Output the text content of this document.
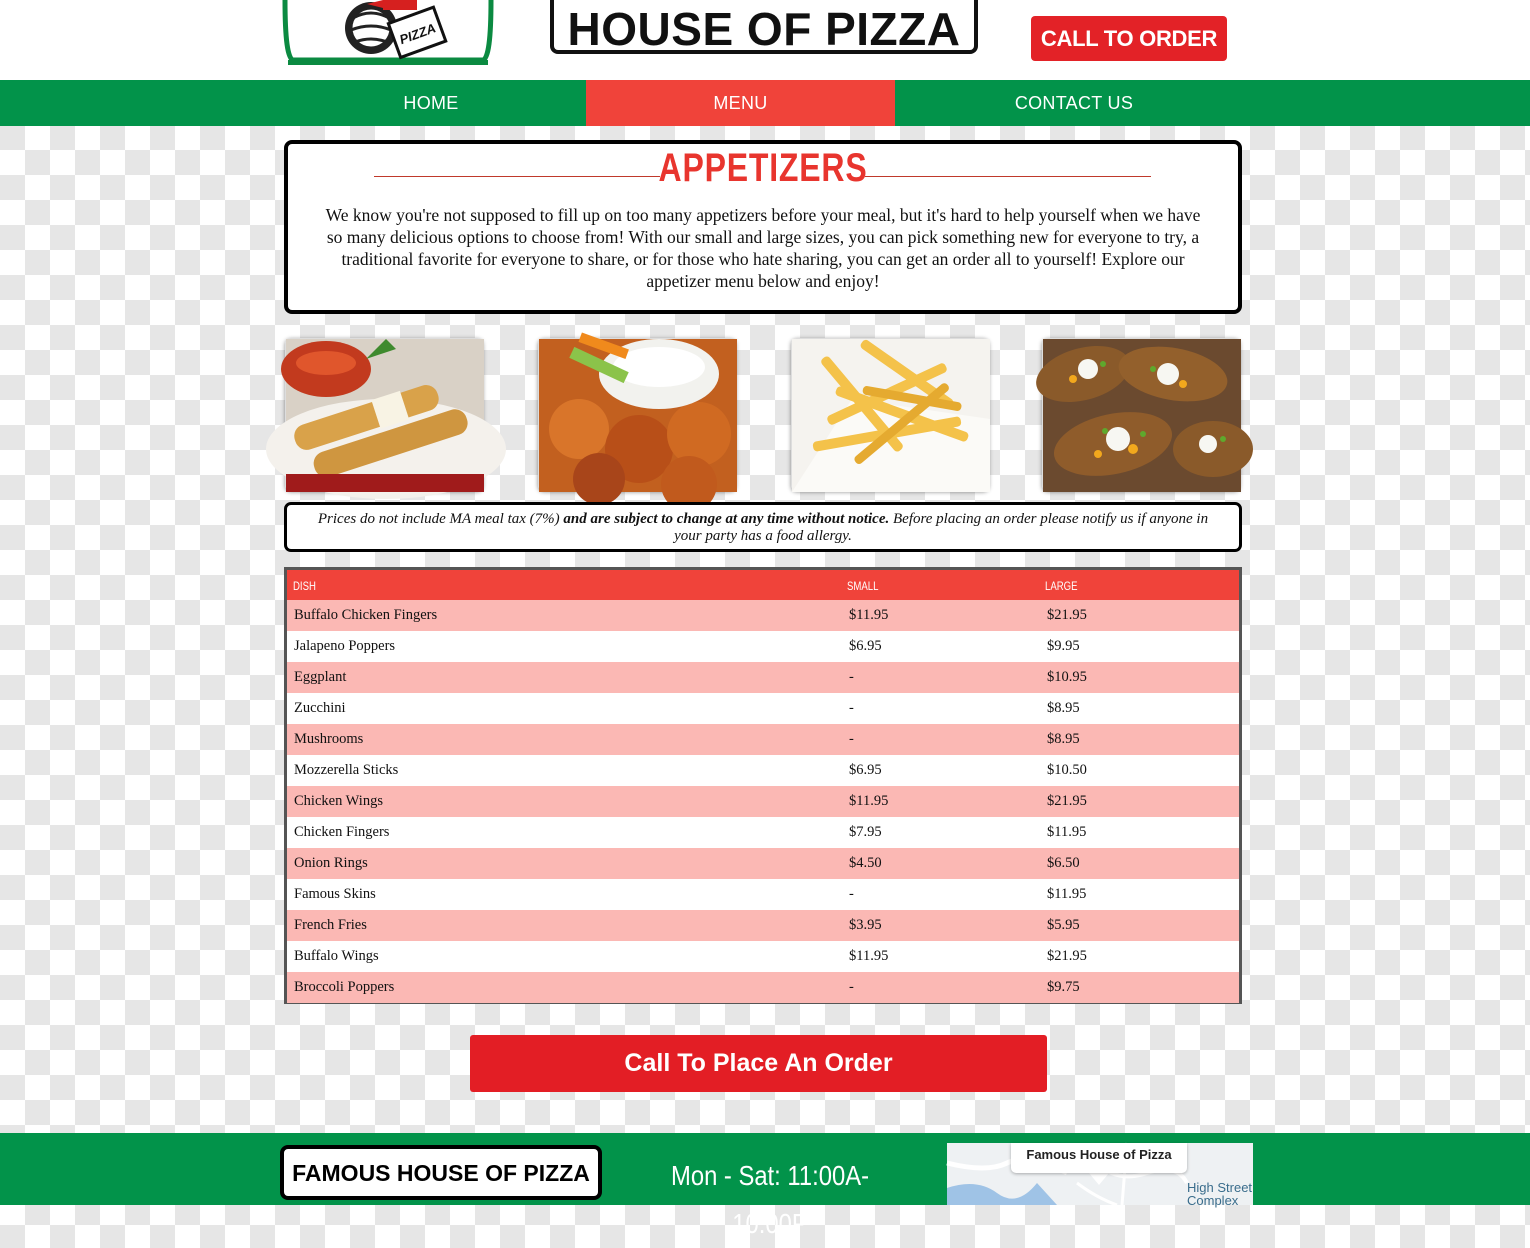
PIZZA	HOUSE OF PIZZA	CALL TO ORDER
HOME	MENU	CONTACT US
APPETIZERS
We know you're not supposed to fill up on too many appetizers before your meal, but it's hard to help yourself when we have so many delicious options to choose from! With our small and large sizes, you can pick something new for everyone to try, a traditional favorite for everyone to share, or for those who hate sharing, you can get an order all to yourself! Explore our appetizer menu below and enjoy!
Prices do not include MA meal tax (7%) and are subject to change at any time without notice. Before placing an order please notify us if anyone in your party has a food allergy.
DISH	SMALL	LARGE
Buffalo Chicken Fingers	$11.95	$21.95
Jalapeno Poppers	$6.95	$9.95
Eggplant	-	$10.95
Zucchini	-	$8.95
Mushrooms	-	$8.95
Mozzerella Sticks	$6.95	$10.50
Chicken Wings	$11.95	$21.95
Chicken Fingers	$7.95	$11.95
Onion Rings	$4.50	$6.50
Famous Skins	-	$11.95
French Fries	$3.95	$5.95
Buffalo Wings	$11.95	$21.95
Broccoli Poppers	-	$9.75
Call To Place An Order
FAMOUS HOUSE OF PIZZA	Mon - Sat: 11:00A-10:00P
Famous House of Pizza
High Street Complex
